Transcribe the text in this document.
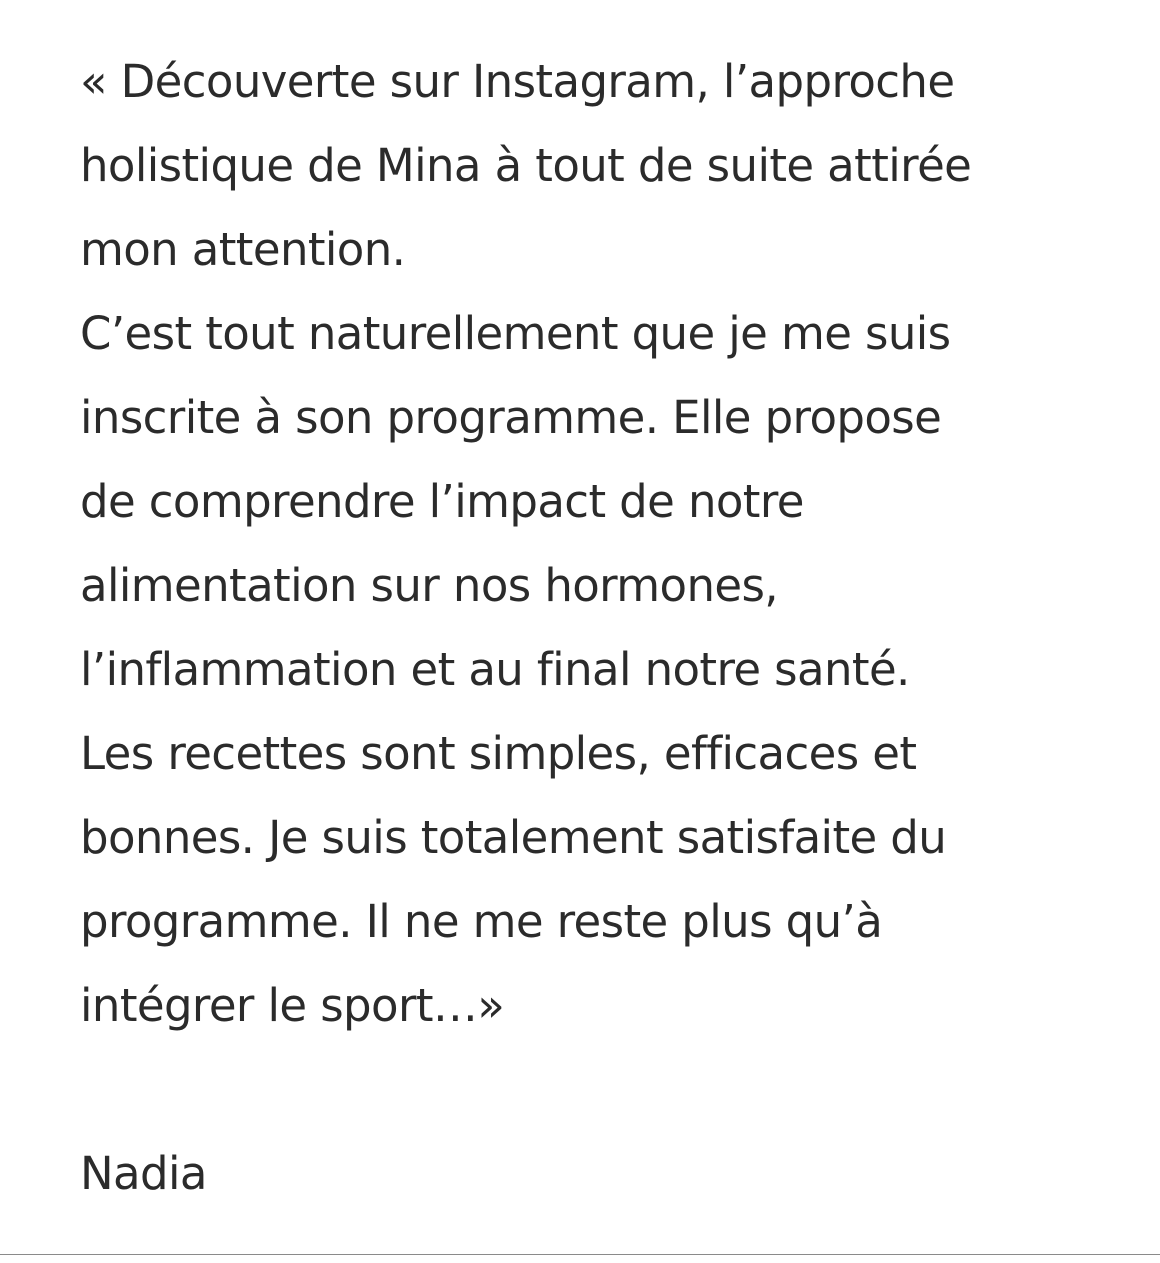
« Découverte sur Instagram, l’approche
holistique de Mina à tout de suite attirée
mon attention.
C’est tout naturellement que je me suis
inscrite à son programme. Elle propose
de comprendre l’impact de notre
alimentation sur nos hormones,
l’inflammation et au final notre santé.
Les recettes sont simples, efficaces et
bonnes. Je suis totalement satisfaite du
programme. Il ne me reste plus qu’à
intégrer le sport…»
Nadia
